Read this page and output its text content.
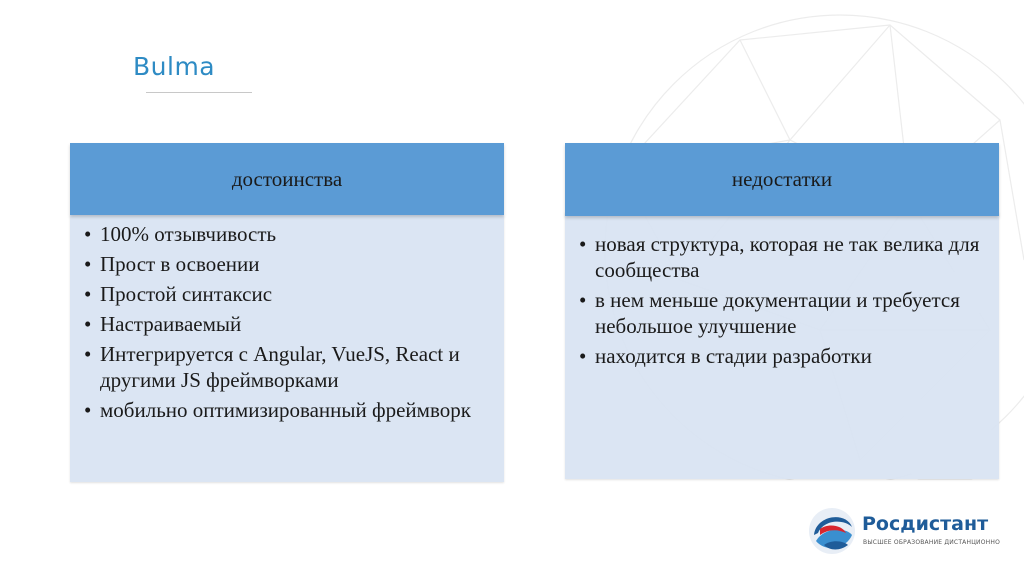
Bulma
достоинства
• 100% отзывчивость
• Прост в освоении
• Простой синтаксис
• Настраиваемый
• Интегрируется с Angular, VueJS, React и другими JS фреймворками
• мобильно оптимизированный фреймворк
недостатки
• новая структура, которая не так велика для сообщества
• в нем меньше документации и требуется небольшое улучшение
• находится в стадии разработки
Росдистант
ВЫСШЕЕ ОБРАЗОВАНИЕ ДИСТАНЦИОННО
